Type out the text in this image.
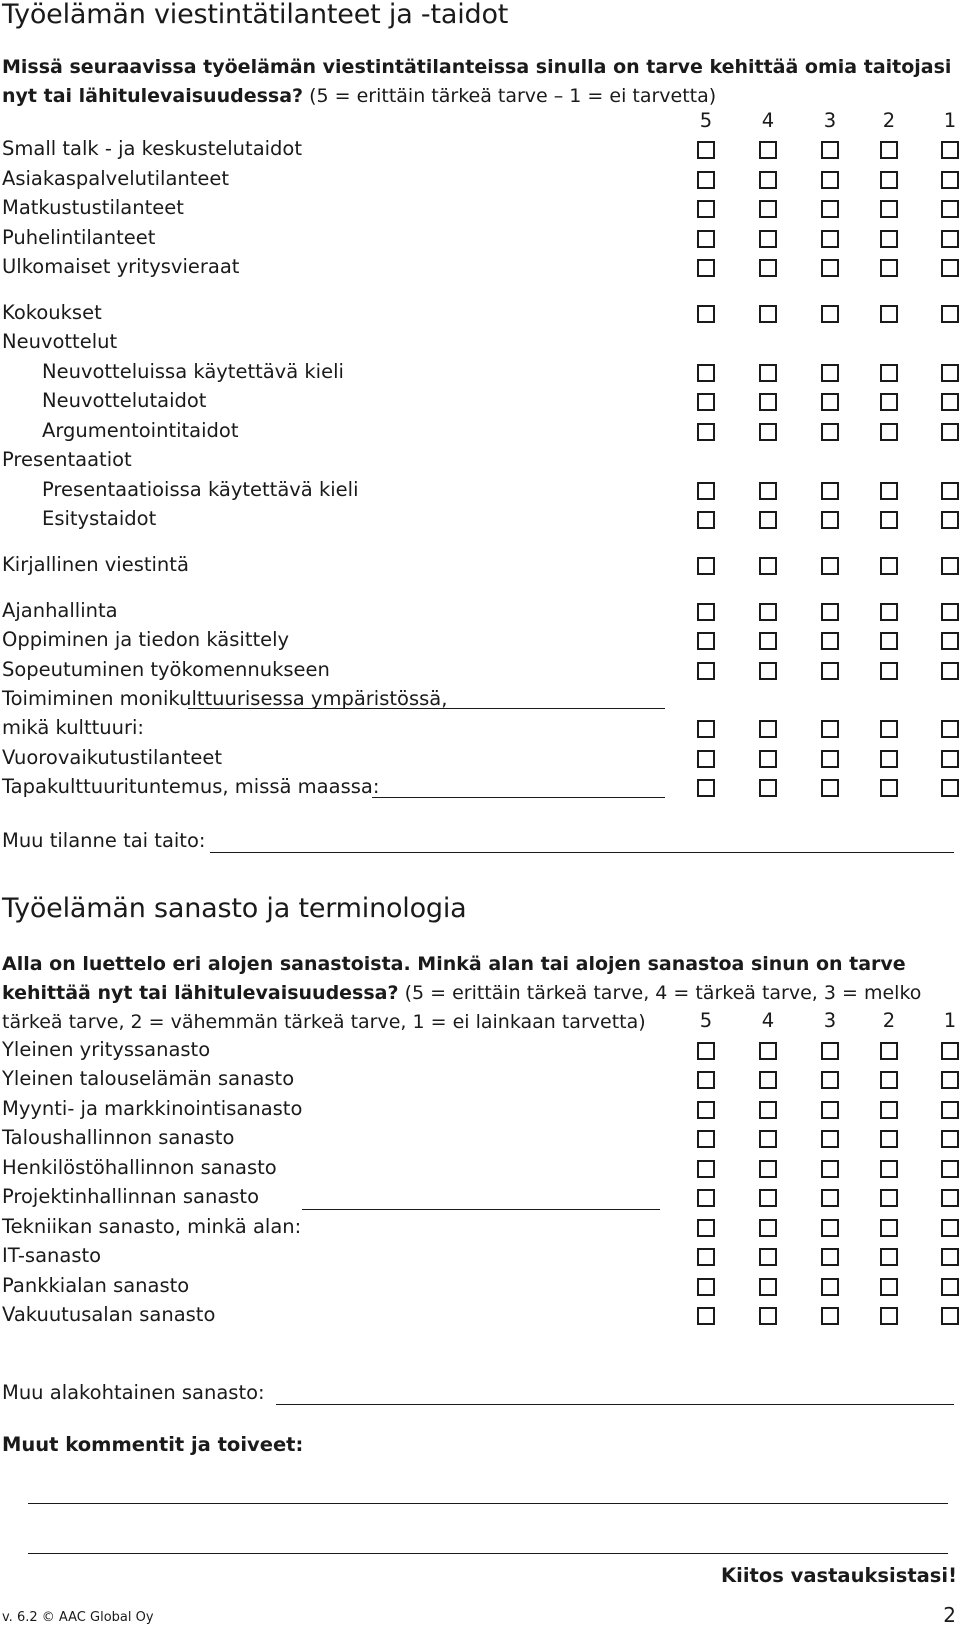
Työelämän viestintätilanteet ja -taidot
Missä seuraavissa työelämän viestintätilanteissa sinulla on tarve kehittää omia taitojasi nyt tai lähitulevaisuudessa? (5 = erittäin tärkeä tarve – 1 = ei tarvetta)
5	4	3 2 1
Small talk - ja keskustelutaidot
Asiakaspalvelutilanteet
Matkustustilanteet
Puhelintilanteet
Ulkomaiset yritysvieraat
Kokoukset
Neuvottelut
Neuvotteluissa käytettävä kieli
Neuvottelutaidot
Argumentointitaidot
Presentaatiot
Presentaatioissa käytettävä kieli
Esitystaidot
Kirjallinen viestintä
Ajanhallinta
Oppiminen ja tiedon käsittely
Sopeutuminen työkomennukseen
Toimiminen monikulttuurisessa ympäristössä,
mikä kulttuuri:
Vuorovaikutustilanteet
Tapakulttuurituntemus, missä maassa:
Muu tilanne tai taito:
Työelämän sanasto ja terminologia
Alla on luettelo eri alojen sanastoista. Minkä alan tai alojen sanastoa sinun on tarve kehittää nyt tai lähitulevaisuudessa? (5 = erittäin tärkeä tarve, 4 = tärkeä tarve, 3 = melko tärkeä tarve, 2 = vähemmän tärkeä tarve, 1 = ei lainkaan tarvetta)	5	4	3 2 1
Yleinen yrityssanasto
Yleinen talouselämän sanasto
Myynti- ja markkinointisanasto
Taloushallinnon sanasto
Henkilöstöhallinnon sanasto
Projektinhallinnan sanasto
Tekniikan sanasto, minkä alan:
IT-sanasto
Pankkialan sanasto
Vakuutusalan sanasto
Muu alakohtainen sanasto:
Muut kommentit ja toiveet:
Kiitos vastauksistasi!
v. 6.2 © AAC Global Oy	2
